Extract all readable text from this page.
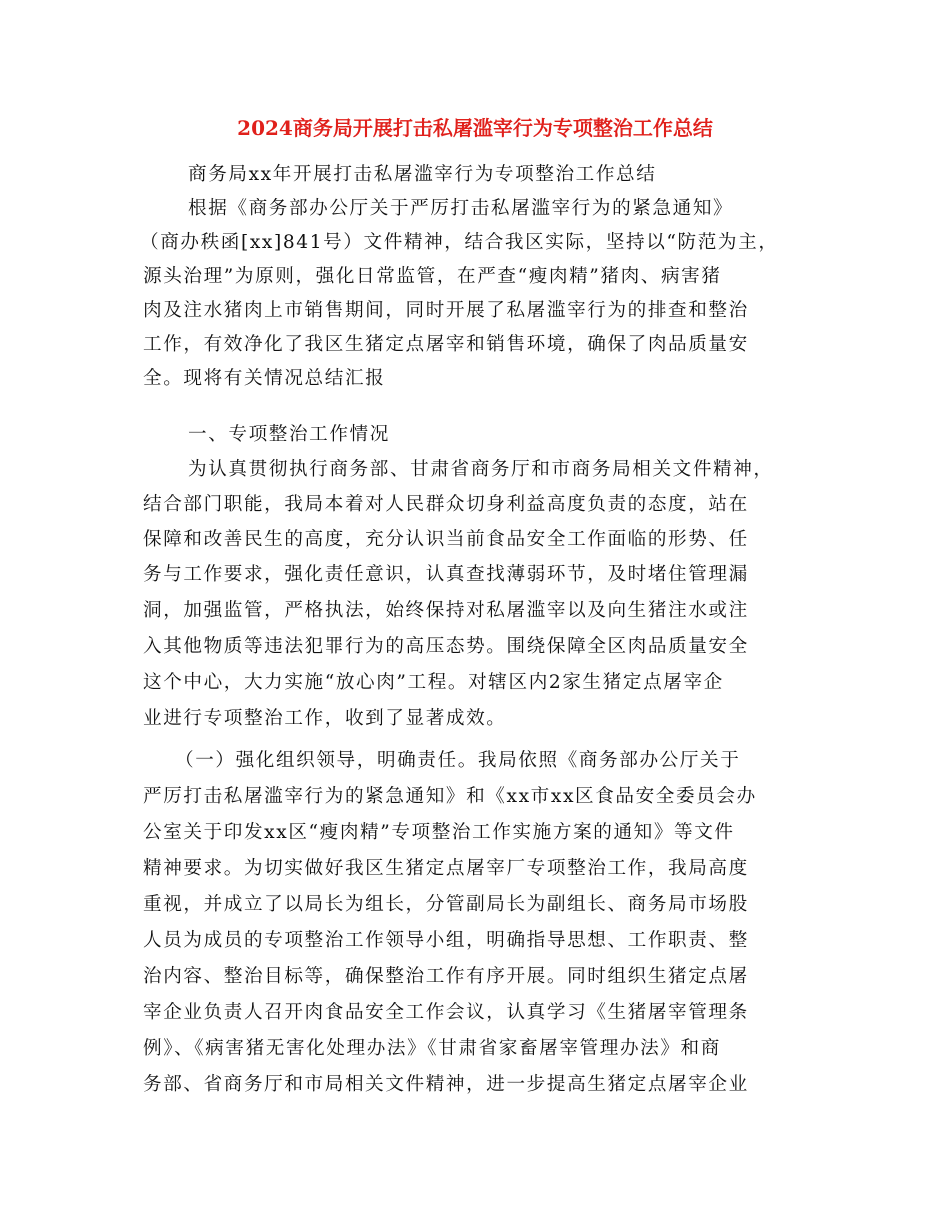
2024商务局开展打击私屠滥宰行为专项整治工作总结
商务局xx年开展打击私屠滥宰行为专项整治工作总结
根据《商务部办公厅关于严厉打击私屠滥宰行为的紧急通知》
（商办秩函[xx]841号）文件精神，结合我区实际，坚持以“防范为主，
源头治理”为原则，强化日常监管，在严查“瘦肉精”猪肉、病害猪
肉及注水猪肉上市销售期间，同时开展了私屠滥宰行为的排查和整治
工作，有效净化了我区生猪定点屠宰和销售环境，确保了肉品质量安
全。现将有关情况总结汇报
一、专项整治工作情况
为认真贯彻执行商务部、甘肃省商务厅和市商务局相关文件精神，
结合部门职能，我局本着对人民群众切身利益高度负责的态度，站在
保障和改善民生的高度，充分认识当前食品安全工作面临的形势、任
务与工作要求，强化责任意识，认真查找薄弱环节，及时堵住管理漏
洞，加强监管，严格执法，始终保持对私屠滥宰以及向生猪注水或注
入其他物质等违法犯罪行为的高压态势。围绕保障全区肉品质量安全
这个中心，大力实施“放心肉”工程。对辖区内2家生猪定点屠宰企
业进行专项整治工作，收到了显著成效。
（一）强化组织领导，明确责任。我局依照《商务部办公厅关于
严厉打击私屠滥宰行为的紧急通知》和《xx市xx区食品安全委员会办
公室关于印发xx区“瘦肉精”专项整治工作实施方案的通知》等文件
精神要求。为切实做好我区生猪定点屠宰厂专项整治工作，我局高度
重视，并成立了以局长为组长，分管副局长为副组长、商务局市场股
人员为成员的专项整治工作领导小组，明确指导思想、工作职责、整
治内容、整治目标等，确保整治工作有序开展。同时组织生猪定点屠
宰企业负责人召开肉食品安全工作会议，认真学习《生猪屠宰管理条
例》、《病害猪无害化处理办法》《甘肃省家畜屠宰管理办法》和商
务部、省商务厅和市局相关文件精神，进一步提高生猪定点屠宰企业
